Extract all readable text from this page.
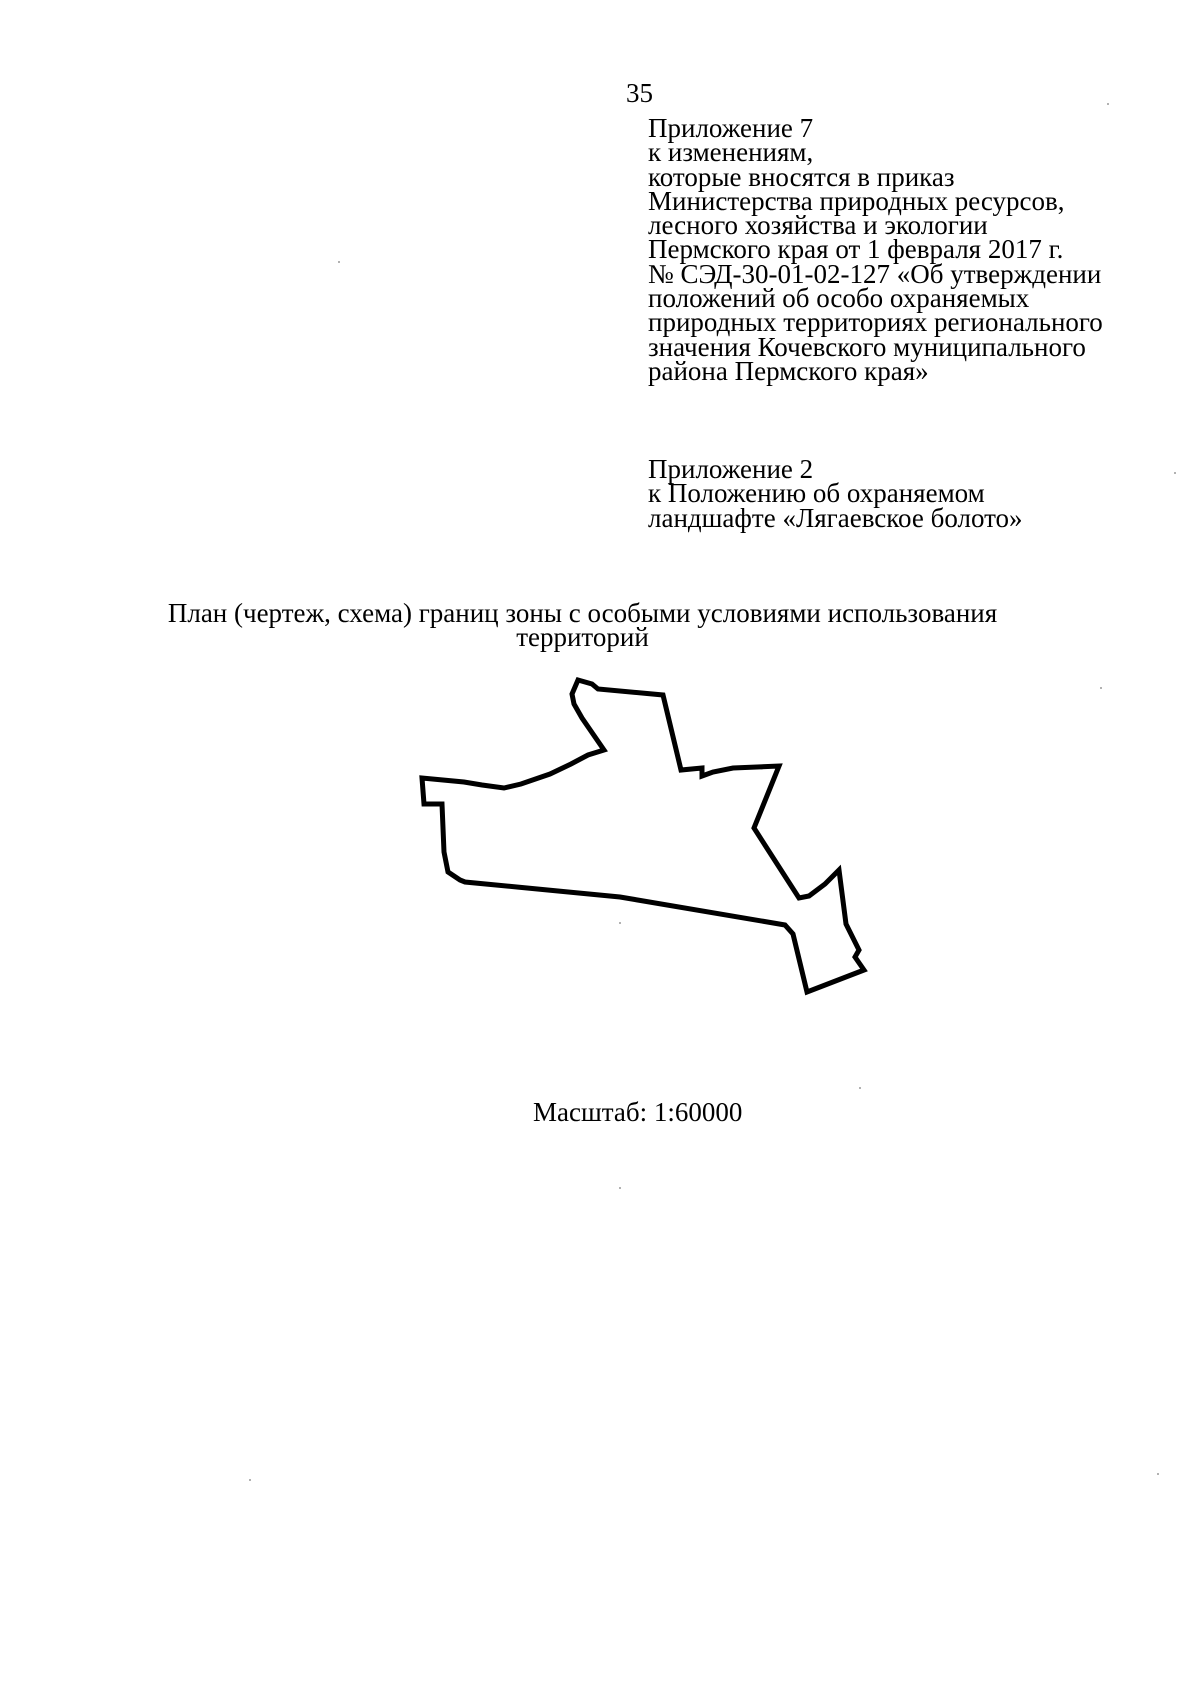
35
Приложение 7
к изменениям,
которые вносятся в приказ
Министерства природных ресурсов,
лесного хозяйства и экологии
Пермского края от 1 февраля 2017 г.
№ СЭД-30-01-02-127 «Об утверждении
положений об особо охраняемых
природных территориях регионального
значения Кочевского муниципального
района Пермского края»
Приложение 2
к Положению об охраняемом
ландшафте «Лягаевское болото»
План (чертеж, схема) границ зоны с особыми условиями использования
территорий
Масштаб: 1:60000
